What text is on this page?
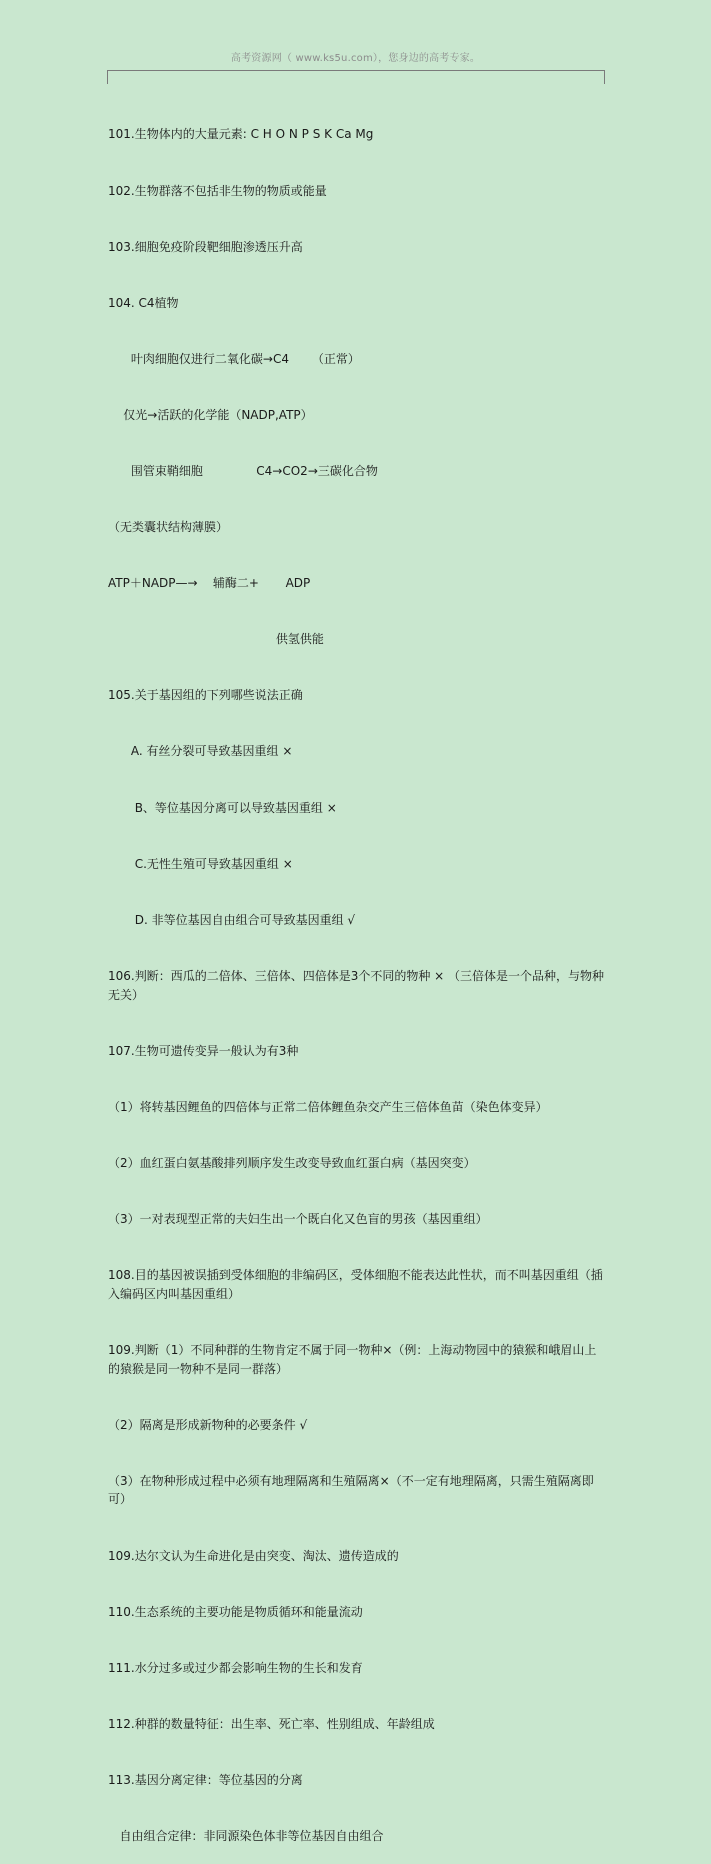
高考资源网（ www.ks5u.com），您身边的高考专家。

101.生物体内的大量元素: C H O N P S K Ca Mg

102.生物群落不包括非生物的物质或能量

103.细胞免疫阶段靶细胞渗透压升高

104. C4植物

叶肉细胞仅进行二氧化碳→C4      （正常）

仅光→活跃的化学能（NADP,ATP）

围管束鞘细胞              C4→CO2→三碳化合物

（无类囊状结构薄膜）

ATP＋NADP—→    辅酶二+       ADP

供氢供能

105.关于基因组的下列哪些说法正确

A. 有丝分裂可导致基因重组 ×

B、等位基因分离可以导致基因重组 ×

C.无性生殖可导致基因重组 ×

D. 非等位基因自由组合可导致基因重组 √

106.判断：西瓜的二倍体、三倍体、四倍体是3个不同的物种 × （三倍体是一个品种，与物种无关）

107.生物可遗传变异一般认为有3种

（1）将转基因鲤鱼的四倍体与正常二倍体鲤鱼杂交产生三倍体鱼苗（染色体变异）

（2）血红蛋白氨基酸排列顺序发生改变导致血红蛋白病（基因突变）

（3）一对表现型正常的夫妇生出一个既白化又色盲的男孩（基因重组）

108.目的基因被误插到受体细胞的非编码区，受体细胞不能表达此性状，而不叫基因重组（插入编码区内叫基因重组）

109.判断（1）不同种群的生物肯定不属于同一物种×（例：上海动物园中的猿猴和峨眉山上的猿猴是同一物种不是同一群落）

（2）隔离是形成新物种的必要条件 √

（3）在物种形成过程中必须有地理隔离和生殖隔离×（不一定有地理隔离，只需生殖隔离即可）

109.达尔文认为生命进化是由突变、淘汰、遗传造成的

110.生态系统的主要功能是物质循环和能量流动

111.水分过多或过少都会影响生物的生长和发育

112.种群的数量特征：出生率、死亡率、性别组成、年龄组成

113.基因分离定律：等位基因的分离

自由组合定律：非同源染色体非等位基因自由组合
